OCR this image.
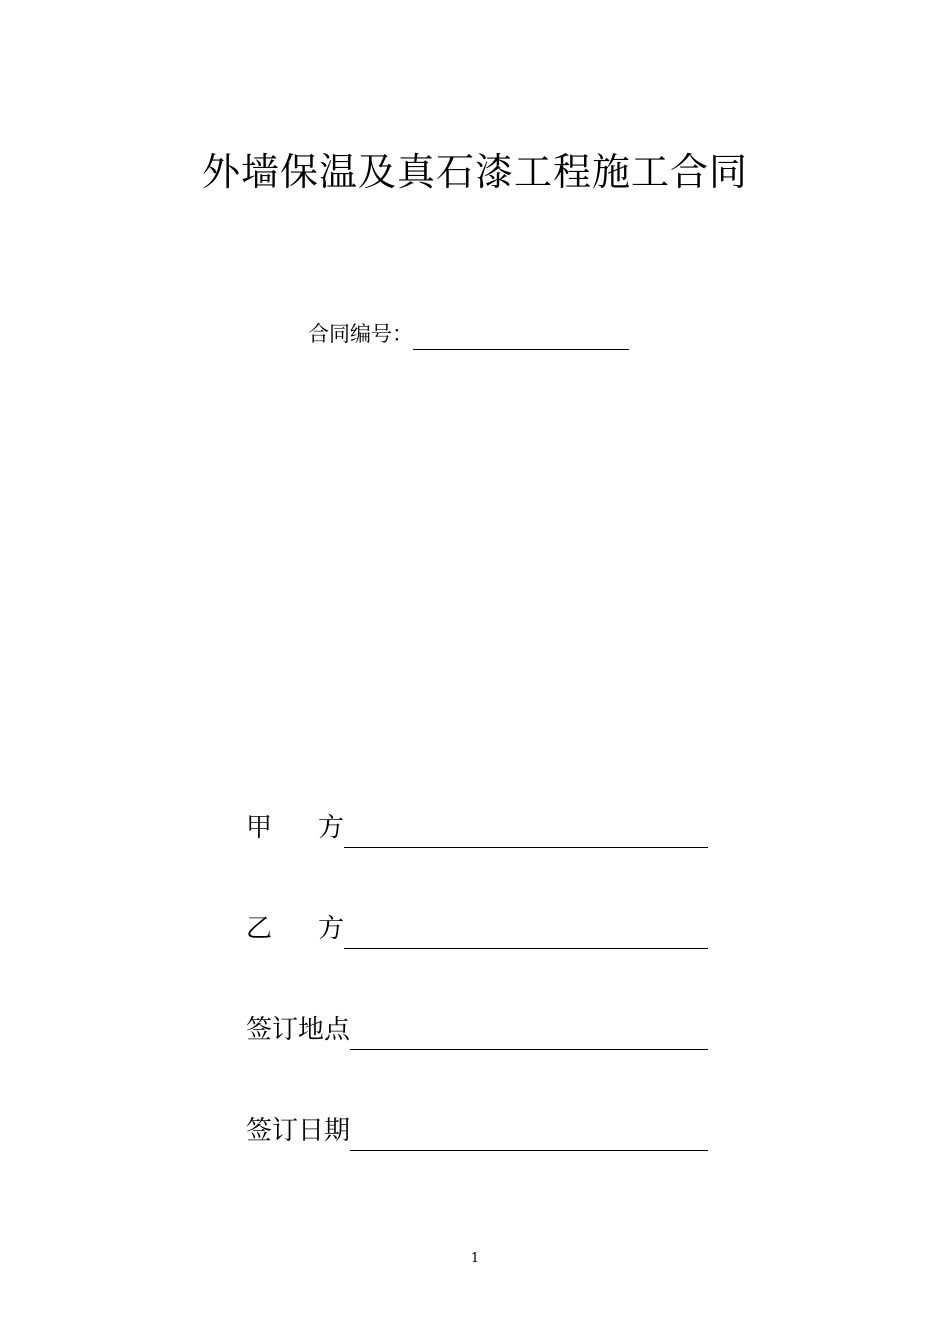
外墙保温及真石漆工程施工合同
合同编号：
甲 方
乙 方
签订地点
签订日期
1
